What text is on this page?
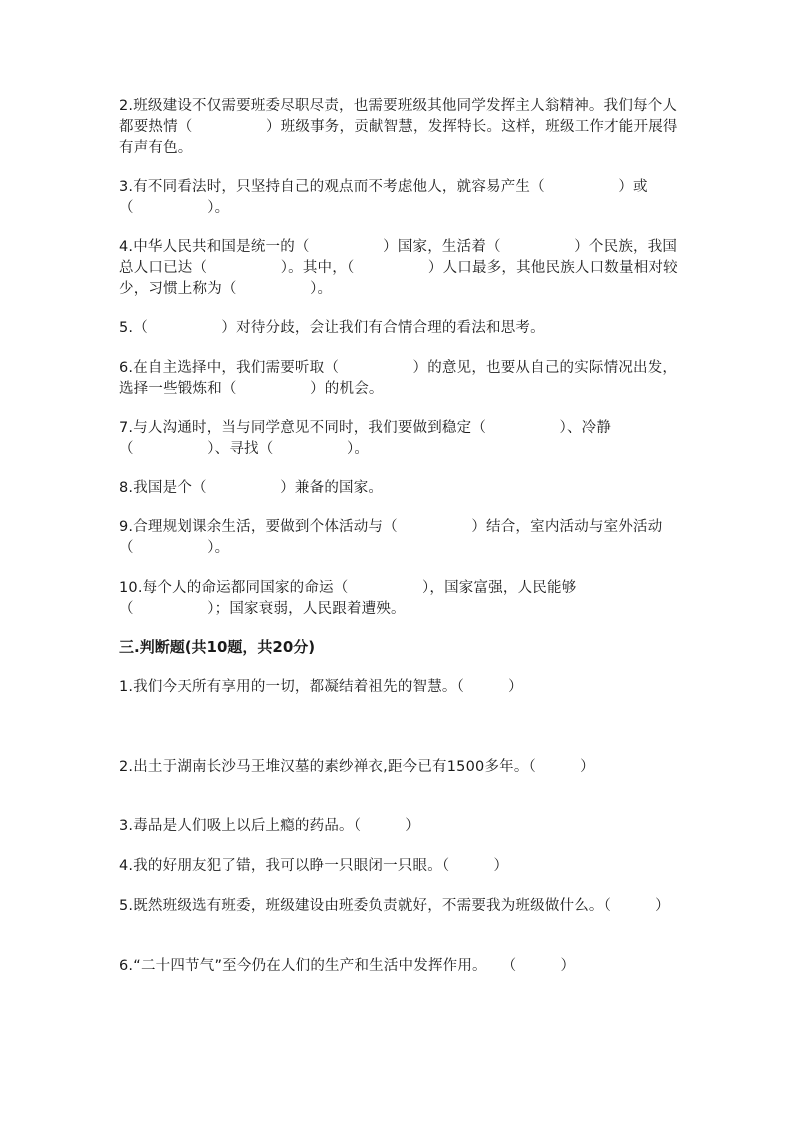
2.班级建设不仅需要班委尽职尽责，也需要班级其他同学发挥主人翁精神。我们每个人都要热情（　　　　　）班级事务，贡献智慧，发挥特长。这样，班级工作才能开展得有声有色。

3.有不同看法时，只坚持自己的观点而不考虑他人，就容易产生（　　　　　）或（　　　　　）。

4.中华人民共和国是统一的（　　　　　）国家，生活着（　　　　　）个民族，我国总人口已达（　　　　　）。其中，（　　　　　）人口最多，其他民族人口数量相对较少，习惯上称为（　　　　　）。

5.（　　　　　）对待分歧，会让我们有合情合理的看法和思考。

6.在自主选择中，我们需要听取（　　　　　）的意见，也要从自己的实际情况出发，选择一些锻炼和（　　　　　）的机会。

7.与人沟通时，当与同学意见不同时，我们要做到稳定（　　　　　）、冷静（　　　　　）、寻找（　　　　　）。

8.我国是个（　　　　　）兼备的国家。

9.合理规划课余生活，要做到个体活动与（　　　　　）结合，室内活动与室外活动（　　　　　）。

10.每个人的命运都同国家的命运（　　　　　），国家富强，人民能够（　　　　　）；国家衰弱，人民跟着遭殃。

三.判断题(共10题，共20分)

1.我们今天所有享用的一切，都凝结着祖先的智慧。（　　　）

2.出土于湖南长沙马王堆汉墓的素纱禅衣,距今已有1500多年。（　　　）

3.毒品是人们吸上以后上瘾的药品。（　　　）

4.我的好朋友犯了错，我可以睁一只眼闭一只眼。（　　　）

5.既然班级选有班委，班级建设由班委负责就好，不需要我为班级做什么。（　　　）

6.“二十四节气”至今仍在人们的生产和生活中发挥作用。　　（　　　）
